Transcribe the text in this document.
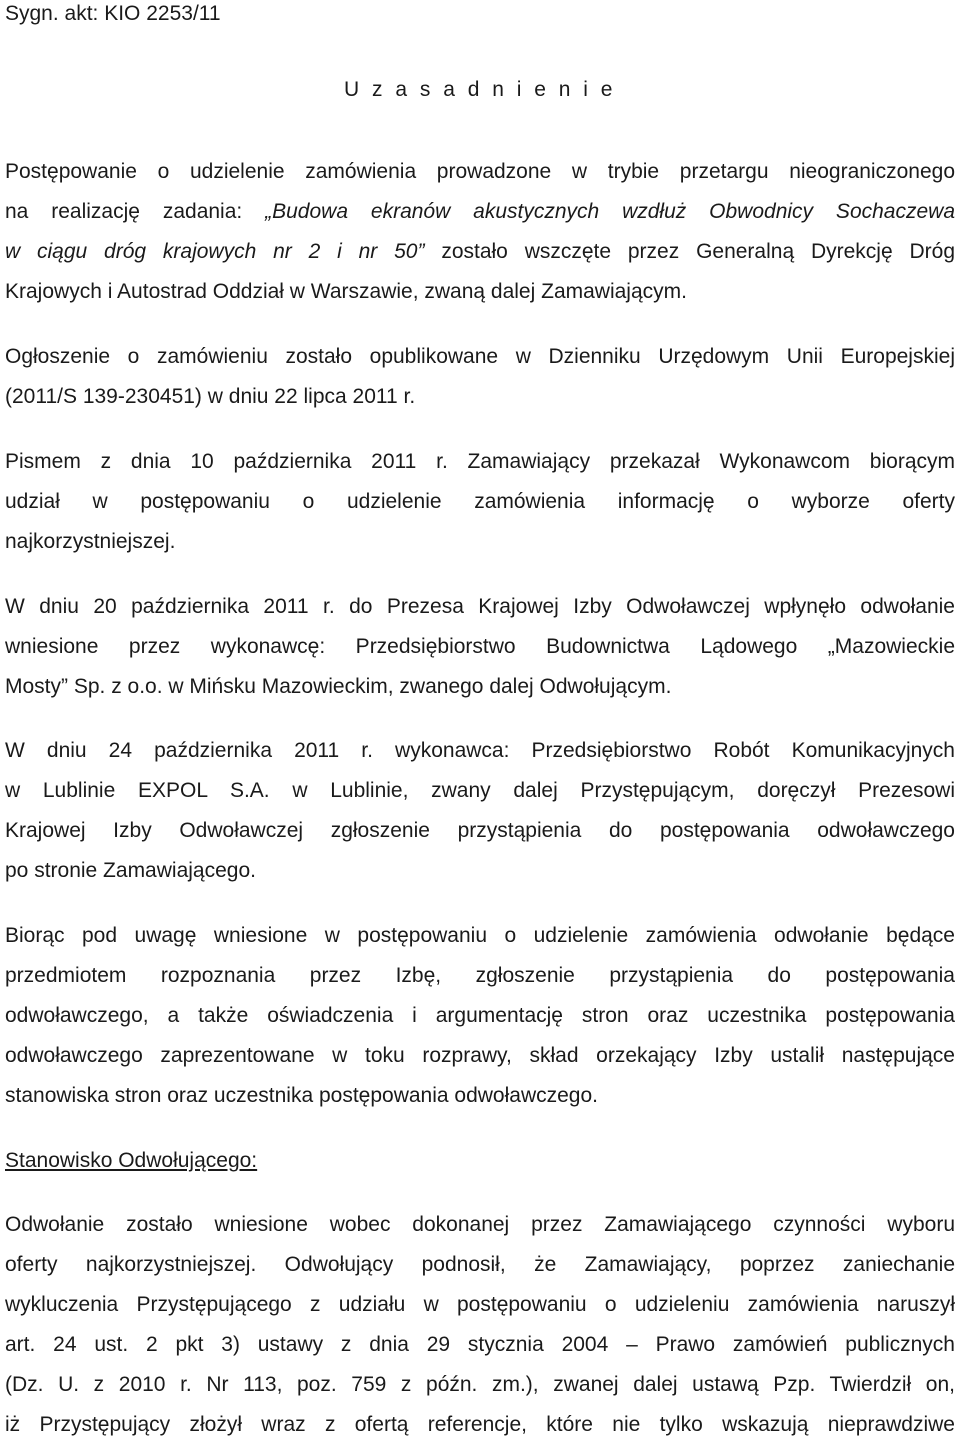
Sygn. akt: KIO 2253/11
U z a s a d n i e n i e
Postępowanie o udzielenie zamówienia prowadzone w trybie przetargu nieograniczonego
na realizację zadania: „Budowa ekranów akustycznych wzdłuż Obwodnicy Sochaczewa
w ciągu dróg krajowych nr 2 i nr 50” zostało wszczęte przez Generalną Dyrekcję Dróg
Krajowych i Autostrad Oddział w Warszawie, zwaną dalej Zamawiającym.
Ogłoszenie o zamówieniu zostało opublikowane w Dzienniku Urzędowym Unii Europejskiej
(2011/S 139-230451) w dniu 22 lipca 2011 r.
Pismem z dnia 10 października 2011 r. Zamawiający przekazał Wykonawcom biorącym
udział w postępowaniu o udzielenie zamówienia informację o wyborze oferty
najkorzystniejszej.
W dniu 20 października 2011 r. do Prezesa Krajowej Izby Odwoławczej wpłynęło odwołanie
wniesione przez wykonawcę: Przedsiębiorstwo Budownictwa Lądowego „Mazowieckie
Mosty” Sp. z o.o. w Mińsku Mazowieckim, zwanego dalej Odwołującym.
W dniu 24 października 2011 r. wykonawca: Przedsiębiorstwo Robót Komunikacyjnych
w Lublinie EXPOL S.A. w Lublinie, zwany dalej Przystępującym, doręczył Prezesowi
Krajowej Izby Odwoławczej zgłoszenie przystąpienia do postępowania odwoławczego
po stronie Zamawiającego.
Biorąc pod uwagę wniesione w postępowaniu o udzielenie zamówienia odwołanie będące
przedmiotem rozpoznania przez Izbę, zgłoszenie przystąpienia do postępowania
odwoławczego, a także oświadczenia i argumentację stron oraz uczestnika postępowania
odwoławczego zaprezentowane w toku rozprawy, skład orzekający Izby ustalił następujące
stanowiska stron oraz uczestnika postępowania odwoławczego.
Stanowisko Odwołującego:
Odwołanie zostało wniesione wobec dokonanej przez Zamawiającego czynności wyboru
oferty najkorzystniejszej. Odwołujący podnosił, że Zamawiający, poprzez zaniechanie
wykluczenia Przystępującego z udziału w postępowaniu o udzieleniu zamówienia naruszył
art. 24 ust. 2 pkt 3) ustawy z dnia 29 stycznia 2004 – Prawo zamówień publicznych
(Dz. U. z 2010 r. Nr 113, poz. 759 z późn. zm.), zwanej dalej ustawą Pzp. Twierdził on,
iż Przystępujący złożył wraz z ofertą referencje, które nie tylko wskazują nieprawdziwe
